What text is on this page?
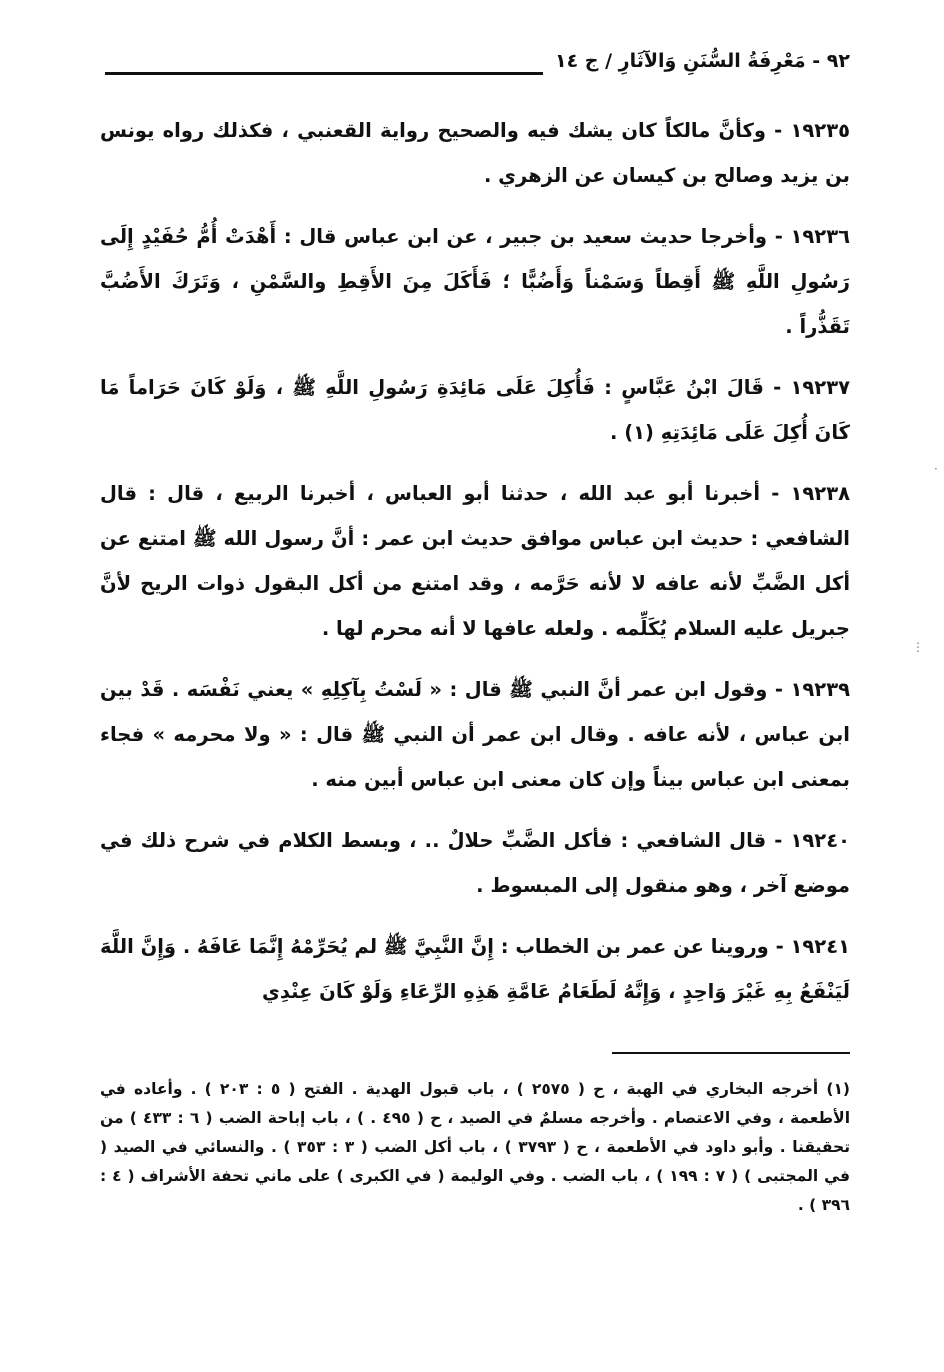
٩٢ - مَعْرِفَةُ السُّنَنِ وَالآثَارِ / ج ١٤

١٩٢٣٥ - وكأنَّ مالكاً كان يشك فيه والصحيح رواية القعنبي ، فكذلك رواه يونس بن يزيد وصالح بن كيسان عن الزهري .

١٩٢٣٦ - وأخرجا حديث سعيد بن جبير ، عن ابن عباس قال : أَهْدَتْ أُمُّ حُفَيْدٍ إِلَى رَسُولِ اللَّهِ ﷺ أَقِطاً وَسَمْناً وَأَضُبًّا ؛ فَأَكَلَ مِنَ الأَقِطِ والسَّمْنِ ، وَتَرَكَ الأَضُبَّ تَقَذُّراً .

١٩٢٣٧ - قَالَ ابْنُ عَبَّاسٍ : فَأُكِلَ عَلَى مَائِدَةِ رَسُولِ اللَّهِ ﷺ ، وَلَوْ كَانَ حَرَاماً مَا كَانَ أُكِلَ عَلَى مَائِدَتِهِ (١) .

١٩٢٣٨ - أخبرنا أبو عبد الله ، حدثنا أبو العباس ، أخبرنا الربيع ، قال : قال الشافعي : حديث ابن عباس موافق حديث ابن عمر : أنَّ رسول الله ﷺ امتنع عن أكل الضَّبِّ لأنه عافه لا لأنه حَرَّمه ، وقد امتنع من أكل البقول ذوات الريح لأنَّ جبريل عليه السلام يُكَلِّمه . ولعله عافها لا أنه محرم لها .

١٩٢٣٩ - وقول ابن عمر أنَّ النبي ﷺ قال : « لَسْتُ بِآكِلِهِ » يعني نَفْسَه . قَدْ بين ابن عباس ، لأنه عافه . وقال ابن عمر أن النبي ﷺ قال : « ولا محرمه » فجاء بمعنى ابن عباس بيناً وإن كان معنى ابن عباس أبين منه .

١٩٢٤٠ - قال الشافعي : فأكل الضَّبِّ حلالٌ .. ، وبسط الكلام في شرح ذلك في موضع آخر ، وهو منقول إلى المبسوط .

١٩٢٤١ - وروينا عن عمر بن الخطاب : إِنَّ النَّبِيَّ ﷺ لم يُحَرِّمْهُ إِنَّمَا عَافَهُ . وَإِنَّ اللَّهَ لَيَنْفَعُ بِهِ غَيْرَ وَاحِدٍ ، وَإِنَّهُ لَطَعَامُ عَامَّةِ هَذِهِ الرِّعَاءِ وَلَوْ كَانَ عِنْدِي

(١) أخرجه البخاري في الهبة ، ح ( ٢٥٧٥ ) ، باب قبول الهدية . الفتح ( ٥ : ٢٠٣ ) . وأعاده في الأطعمة ، وفي الاعتصام . وأخرجه مسلمٌ في الصيد ، ح ( ٤٩٥ . ) ، باب إباحة الضب ( ٦ : ٤٣٣ ) من تحقيقنا . وأبو داود في الأطعمة ، ح ( ٣٧٩٣ ) ، باب أكل الضب ( ٣ : ٣٥٣ ) . والنسائي في الصيد ( في المجتبى ) ( ٧ : ١٩٩ ) ، باب الضب . وفي الوليمة ( في الكبرى ) على ماني تحفة الأشراف ( ٤ : ٣٩٦ ) .
⋮
·
